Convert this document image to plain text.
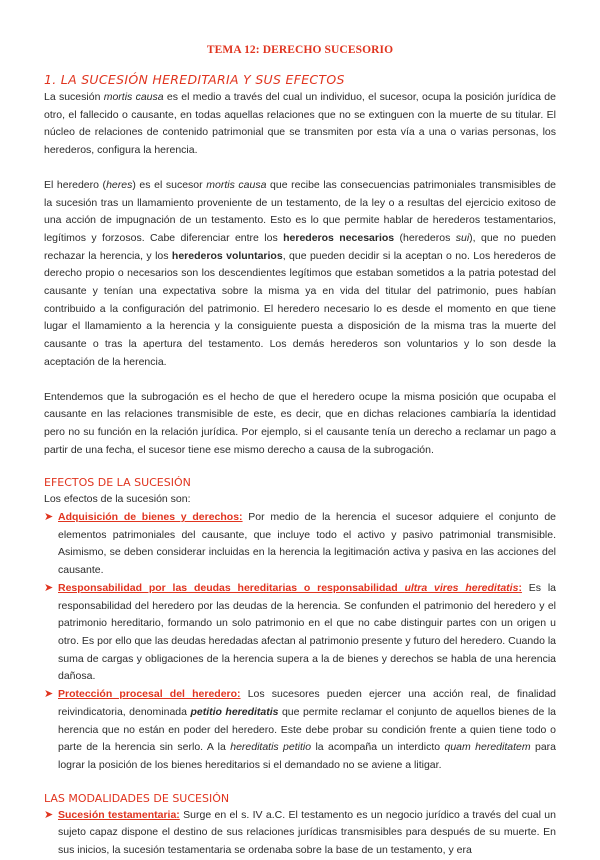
TEMA 12: DERECHO SUCESORIO
1. LA SUCESIÓN HEREDITARIA Y SUS EFECTOS

La sucesión mortis causa es el medio a través del cual un individuo, el sucesor, ocupa la posición jurídica de otro, el fallecido o causante, en todas aquellas relaciones que no se extinguen con la muerte de su titular. El núcleo de relaciones de contenido patrimonial que se transmiten por esta vía a una o varias personas, los herederos, configura la herencia.

El heredero (heres) es el sucesor mortis causa que recibe las consecuencias patrimoniales transmisibles de la sucesión tras un llamamiento proveniente de un testamento, de la ley o a resultas del ejercicio exitoso de una acción de impugnación de un testamento. Esto es lo que permite hablar de herederos testamentarios, legítimos y forzosos. Cabe diferenciar entre los herederos necesarios (herederos sui), que no pueden rechazar la herencia, y los herederos voluntarios, que pueden decidir si la aceptan o no. Los herederos de derecho propio o necesarios son los descendientes legítimos que estaban sometidos a la patria potestad del causante y tenían una expectativa sobre la misma ya en vida del titular del patrimonio, pues habían contribuido a la configuración del patrimonio. El heredero necesario lo es desde el momento en que tiene lugar el llamamiento a la herencia y la consiguiente puesta a disposición de la misma tras la muerte del causante o tras la apertura del testamento. Los demás herederos son voluntarios y lo son desde la aceptación de la herencia.

Entendemos que la subrogación es el hecho de que el heredero ocupe la misma posición que ocupaba el causante en las relaciones transmisible de este, es decir, que en dichas relaciones cambiaría la identidad pero no su función en la relación jurídica. Por ejemplo, si el causante tenía un derecho a reclamar un pago a partir de una fecha, el sucesor tiene ese mismo derecho a causa de la subrogación.

EFECTOS DE LA SUCESIÓN

Los efectos de la sucesión son:

➤ Adquisición de bienes y derechos: Por medio de la herencia el sucesor adquiere el conjunto de elementos patrimoniales del causante, que incluye todo el activo y pasivo patrimonial transmisible. Asimismo, se deben considerar incluidas en la herencia la legitimación activa y pasiva en las acciones del causante.
➤ Responsabilidad por las deudas hereditarias o responsabilidad ultra vires hereditatis: Es la responsabilidad del heredero por las deudas de la herencia. Se confunden el patrimonio del heredero y el patrimonio hereditario, formando un solo patrimonio en el que no cabe distinguir partes con un origen u otro. Es por ello que las deudas heredadas afectan al patrimonio presente y futuro del heredero. Cuando la suma de cargas y obligaciones de la herencia supera a la de bienes y derechos se habla de una herencia dañosa.
➤ Protección procesal del heredero: Los sucesores pueden ejercer una acción real, de finalidad reivindicatoria, denominada petitio hereditatis que permite reclamar el conjunto de aquellos bienes de la herencia que no están en poder del heredero. Este debe probar su condición frente a quien tiene todo o parte de la herencia sin serlo. A la hereditatis petitio la acompaña un interdicto quam hereditatem para lograr la posición de los bienes hereditarios si el demandado no se aviene a litigar.
LAS MODALIDADES DE SUCESIÓN
➤ Sucesión testamentaria: Surge en el s. IV a.C. El testamento es un negocio jurídico a través del cual un sujeto capaz dispone el destino de sus relaciones jurídicas transmisibles para después de su muerte. En sus inicios, la sucesión testamentaria se ordenaba sobre la base de un testamento, y era
